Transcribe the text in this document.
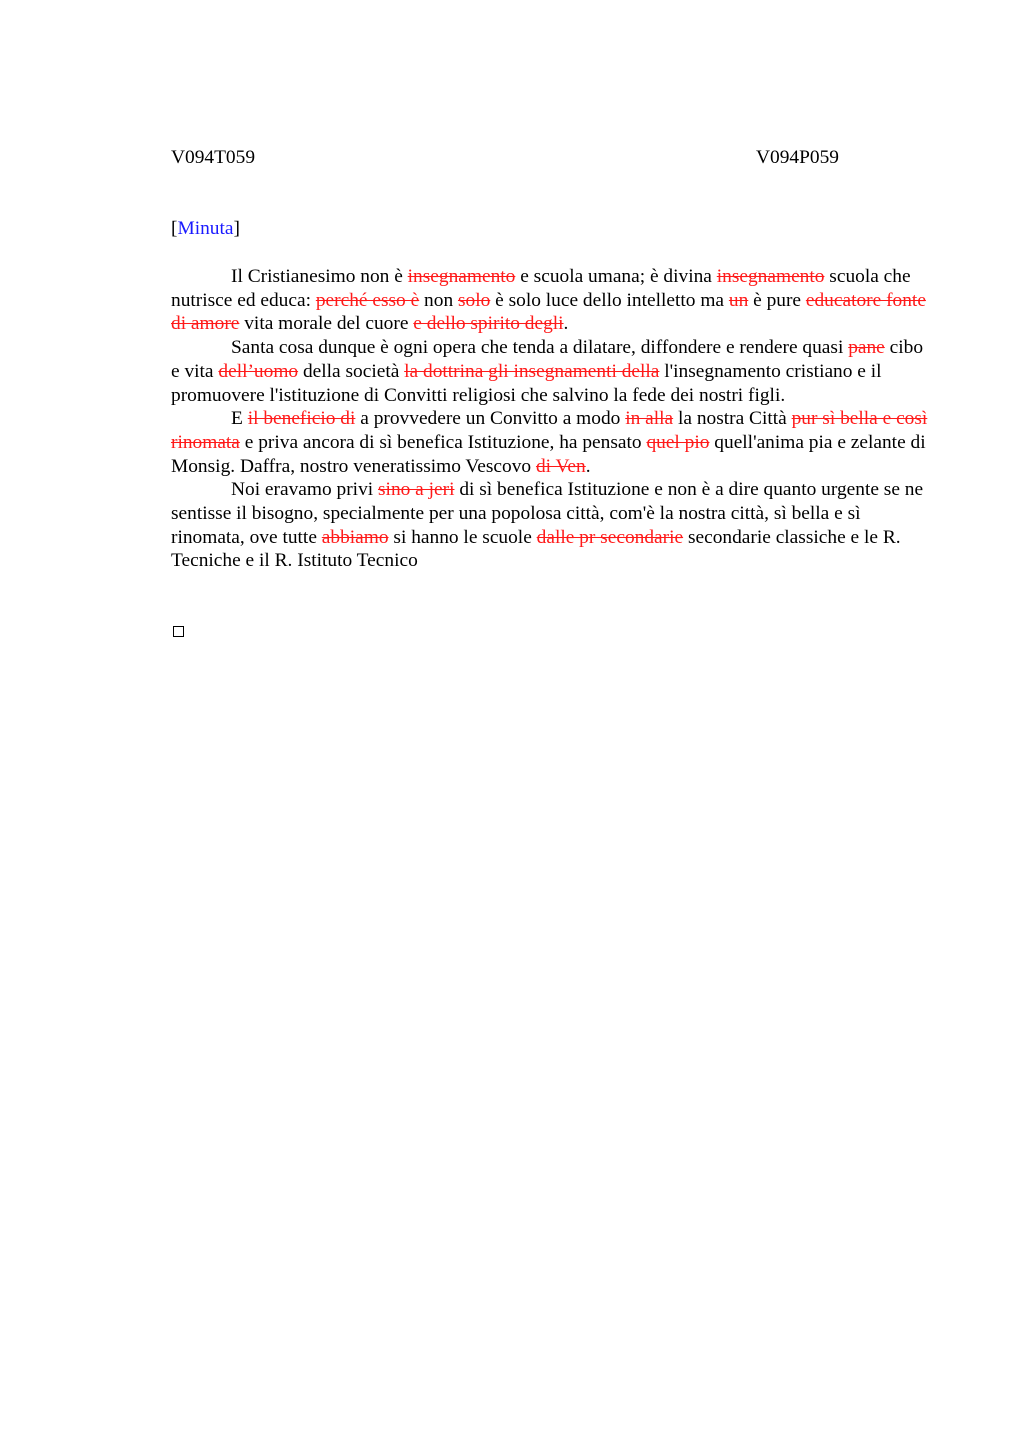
V094T059	V094P059
[Minuta]

Il Cristianesimo non è insegnamento e scuola umana; è divina insegnamento scuola che nutrisce ed educa: perché esso è non solo è solo luce dello intelletto ma un è pure educatore fonte di amore vita morale del cuore e dello spirito degli.

Santa cosa dunque è ogni opera che tenda a dilatare, diffondere e rendere quasi pane cibo e vita dell’uomo della società la dottrina gli insegnamenti della l'insegnamento cristiano e il promuovere l'istituzione di Convitti religiosi che salvino la fede dei nostri figli.

E il beneficio di a provvedere un Convitto a modo in alla la nostra Città pur sì bella e così rinomata e priva ancora di sì benefica Istituzione, ha pensato quel pio quell'anima pia e zelante di Monsig. Daffra, nostro veneratissimo Vescovo di Ven.

Noi eravamo privi sino a jeri di sì benefica Istituzione e non è a dire quanto urgente se ne sentisse il bisogno, specialmente per una popolosa città, com'è la nostra città, sì bella e sì rinomata, ove tutte abbiamo si hanno le scuole dalle pr secondarie secondarie classiche e le R. Tecniche e il R. Istituto Tecnico
